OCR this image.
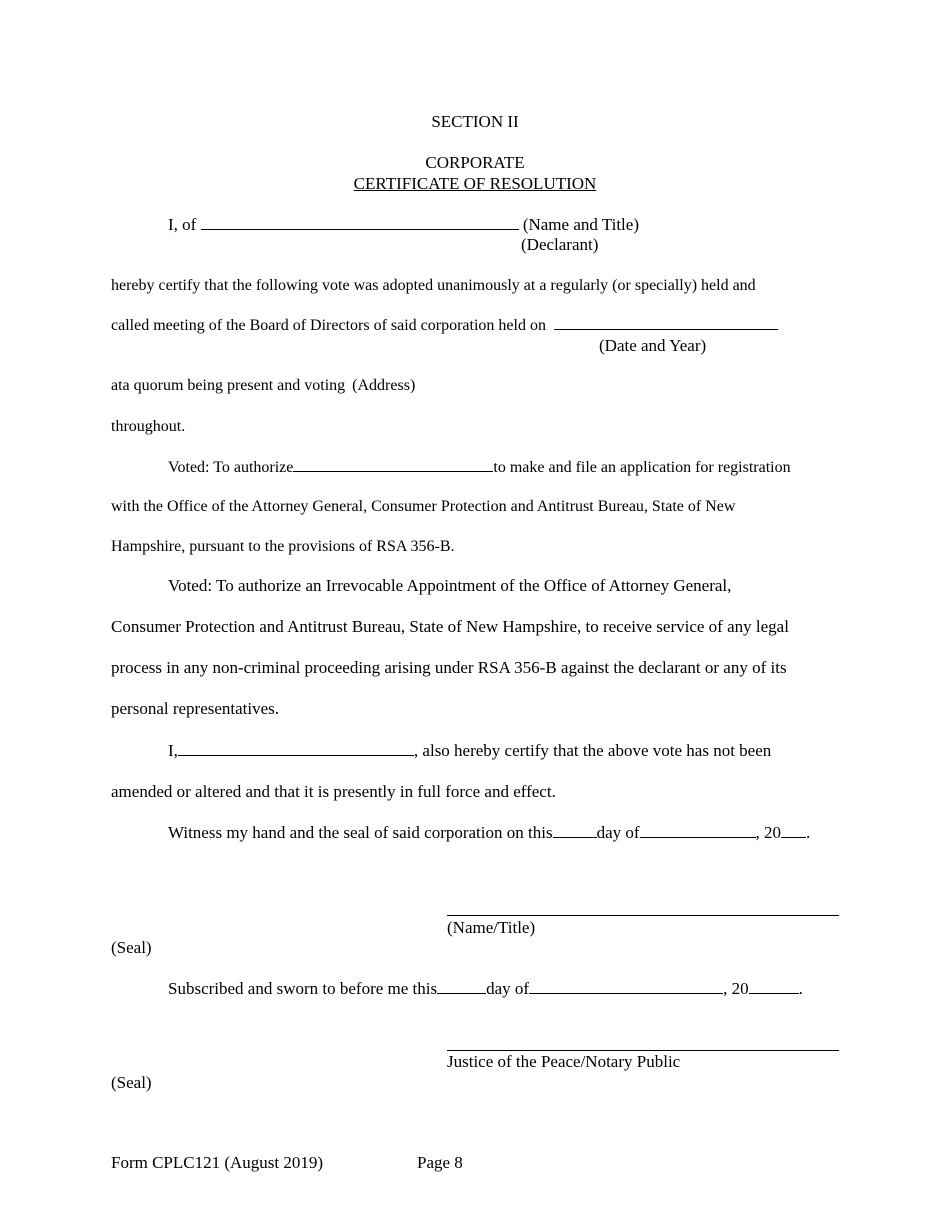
SECTION II
CORPORATE
CERTIFICATE OF RESOLUTION
I, of	(Name and Title)
(Declarant)
hereby certify that the following vote was adopted unanimously at a regularly (or specially) held and
called meeting of the Board of Directors of said corporation held on
(Date and Year)
ata quorum being present and voting (Address)
throughout.
Voted: To authorize	to make and file an application for registration
with the Office of the Attorney General, Consumer Protection and Antitrust Bureau, State of New
Hampshire, pursuant to the provisions of RSA 356-B.
Voted: To authorize an Irrevocable Appointment of the Office of Attorney General,
Consumer Protection and Antitrust Bureau, State of New Hampshire, to receive service of any legal
process in any non-criminal proceeding arising under RSA 356-B against the declarant or any of its
personal representatives.
I,	, also hereby certify that the above vote has not been
amended or altered and that it is presently in full force and effect.
Witness my hand and the seal of said corporation on this	day of	, 20 .
(Name/Title)
(Seal)
Subscribed and sworn to before me this	day of	, 20	.
Justice of the Peace/Notary Public
(Seal)
Form CPLC121 (August 2019)	Page 8
